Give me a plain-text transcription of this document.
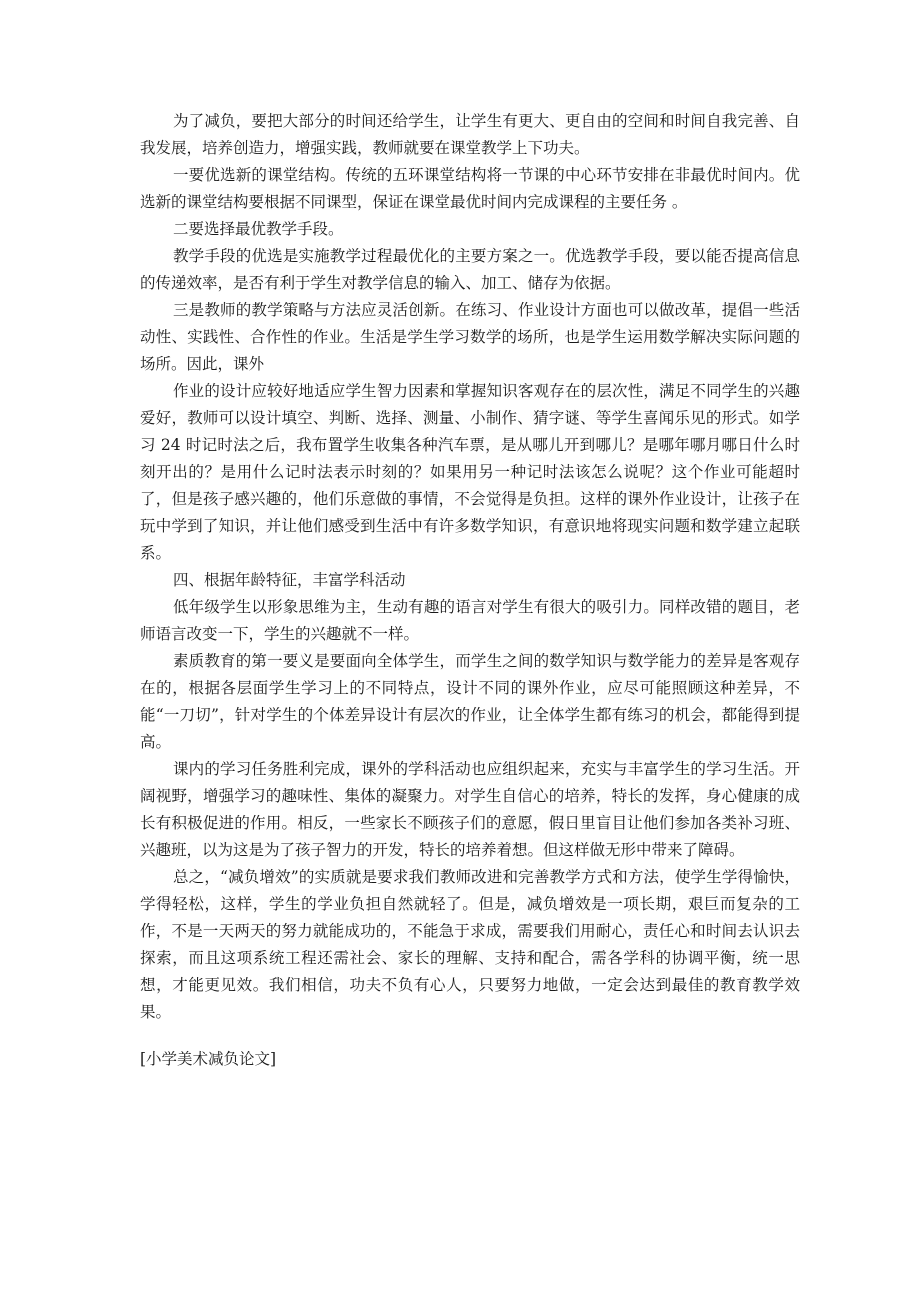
为了减负，要把大部分的时间还给学生，让学生有更大、更自由的空间和时间自我完善、自我发展，培养创造力，增强实践，教师就要在课堂教学上下功夫。

一要优选新的课堂结构。传统的五环课堂结构将一节课的中心环节安排在非最优时间内。优选新的课堂结构要根据不同课型，保证在课堂最优时间内完成课程的主要任务 。

二要选择最优教学手段。

教学手段的优选是实施教学过程最优化的主要方案之一。优选教学手段，要以能否提高信息的传递效率，是否有利于学生对教学信息的输入、加工、储存为依据。

三是教师的教学策略与方法应灵活创新。在练习、作业设计方面也可以做改革，提倡一些活动性、实践性、合作性的作业。生活是学生学习数学的场所，也是学生运用数学解决实际问题的场所。因此，课外

作业的设计应较好地适应学生智力因素和掌握知识客观存在的层次性，满足不同学生的兴趣爱好，教师可以设计填空、判断、选择、测量、小制作、猜字谜、等学生喜闻乐见的形式。如学习 24 时记时法之后，我布置学生收集各种汽车票，是从哪儿开到哪儿？是哪年哪月哪日什么时刻开出的？是用什么记时法表示时刻的？如果用另一种记时法该怎么说呢？这个作业可能超时了，但是孩子感兴趣的，他们乐意做的事情，不会觉得是负担。这样的课外作业设计，让孩子在玩中学到了知识，并让他们感受到生活中有许多数学知识，有意识地将现实问题和数学建立起联系。

四、根据年龄特征，丰富学科活动

低年级学生以形象思维为主，生动有趣的语言对学生有很大的吸引力。同样改错的题目，老师语言改变一下，学生的兴趣就不一样。

素质教育的第一要义是要面向全体学生，而学生之间的数学知识与数学能力的差异是客观存在的，根据各层面学生学习上的不同特点，设计不同的课外作业，应尽可能照顾这种差异，不能“一刀切”，针对学生的个体差异设计有层次的作业，让全体学生都有练习的机会，都能得到提高。

课内的学习任务胜利完成，课外的学科活动也应组织起来，充实与丰富学生的学习生活。开阔视野，增强学习的趣味性、集体的凝聚力。对学生自信心的培养，特长的发挥，身心健康的成长有积极促进的作用。相反，一些家长不顾孩子们的意愿，假日里盲目让他们参加各类补习班、兴趣班，以为这是为了孩子智力的开发，特长的培养着想。但这样做无形中带来了障碍。

总之，“减负增效”的实质就是要求我们教师改进和完善教学方式和方法，使学生学得愉快，学得轻松，这样，学生的学业负担自然就轻了。但是，减负增效是一项长期，艰巨而复杂的工作，不是一天两天的努力就能成功的，不能急于求成，需要我们用耐心，责任心和时间去认识去探索，而且这项系统工程还需社会、家长的理解、支持和配合，需各学科的协调平衡，统一思想，才能更见效。我们相信，功夫不负有心人，只要努力地做，一定会达到最佳的教育教学效果。

[小学美术减负论文]
